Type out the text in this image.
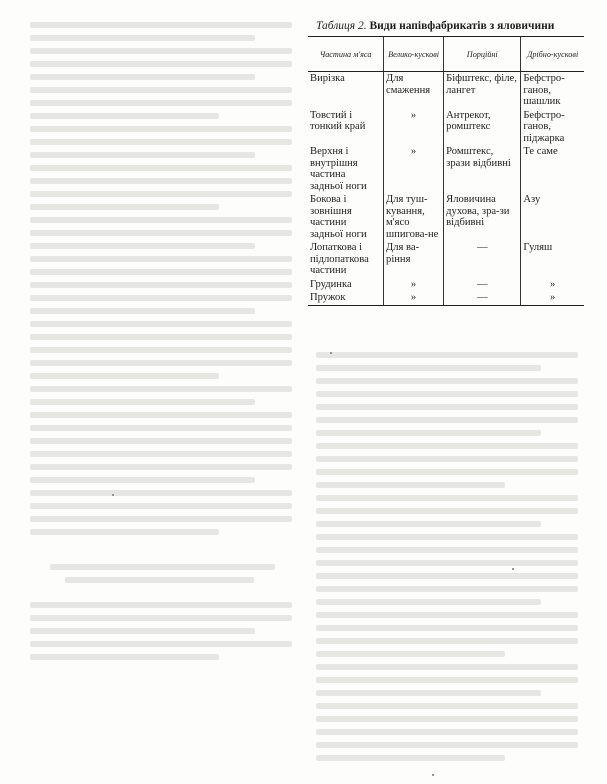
Таблиця 2. Види напівфабрикатів з яловичини
Частина м'яса	Велико-кускові	Порційні	Дрібно-кускові
Вирізка	Для смаження	Біфштекс, філе, лангет	Бефстро-ганов, шашлик
Товстий і тонкий край	»	Антрекот, ромштекс	Бефстро-ганов, піджарка
Верхня і внутрішня частина задньої ноги	»	Ромштекс, зрази відбивні	Те саме
Бокова і зовнішня частини задньої ноги	Для туш-кування, м'ясо шпигова-не	Яловичина духова, зра-зи відбивні	Азу
Лопаткова і підлопаткова частини	Для ва-ріння	—	Гуляш
Грудинка	»	—	»
Пружок	»	—	»
